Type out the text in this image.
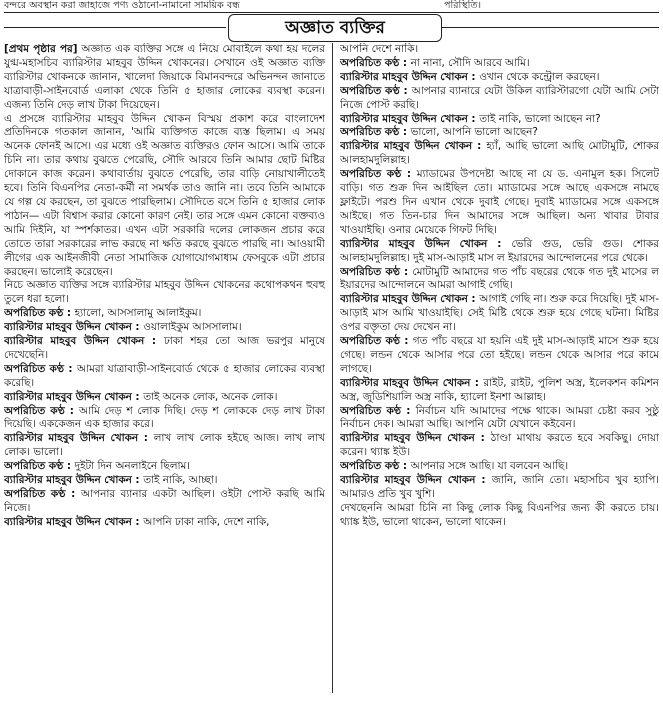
বন্দরে অবস্থান করা জাহাজে পণ্য ওঠানো-নামানো সাময়িক বন্ধ	পরিস্থিতি।
অজ্ঞাত ব্যক্তির

[প্রথম পৃষ্ঠার পর] অজ্ঞাত এক ব্যক্তির সঙ্গে এ নিয়ে মোবাইলে কথা হয় দলের যুগ্ম-মহাসচিব ব্যারিস্টার মাহবুব উদ্দিন খোকনের। সেখানে ওই অজ্ঞাত ব্যক্তি ব্যারিস্টার খোকনকে জানান, খালেদা জিয়াকে বিমানবন্দরে অভিনন্দন জানাতে যাত্রাবাড়ী-সাইনবোর্ড এলাকা থেকে তিনি ৫ হাজার লোকের ব্যবস্থা করেন। এজন্য তিনি দেড় লাখ টাকা দিয়েছেন।

এ প্রসঙ্গে ব্যারিস্টার মাহবুব উদ্দিন খোকন বিস্ময় প্রকাশ করে বাংলাদেশ প্রতিদিনকে গতকাল জানান, 'আমি ব্যক্তিগত কাজে ব্যস্ত ছিলাম। এ সময় অনেক ফোনই আসে। এর মধ্যে ওই অজ্ঞাত ব্যক্তিরও ফোন আসে। আমি তাকে চিনি না। তার কথায় বুঝতে পেরেছি, সৌদি আরবে তিনি আমার ছোট মিষ্টির দোকানে কাজ করেন। কথাবার্তায় বুঝতে পেরেছি, তার বাড়ি নোয়াখালীতেই হবে। তিনি বিএনপির নেতা-কর্মী না সমর্থক তাও জানি না। তবে তিনি আমাকে যে গল্প যে করছেন, তা বুঝতে পারছিলাম। সৌদিতে বসে তিনি ৫ হাজার লোক পাঠান— এটা বিশ্বাস করার কোনো কারণ নেই। তার সঙ্গে এমন কোনো বক্তব্যও আমি দিইনি, যা স্পর্শকাতর। এখন এটা সরকারি দলের লোকজন প্রচার করে তোতে তারা সরকারের লাভ করছে না ক্ষতি করছে বুঝতে পারছি না। আওয়ামী লীগের এক আইনজীবী নেতা সামাজিক যোগাযোগমাধ্যম ফেসবুকে এটা প্রচার করছেন। ভালোই করেছেন।

নিচে অজ্ঞাত ব্যক্তির সঙ্গে ব্যারিস্টার মাহবুব উদ্দিন খোকনের কথোপকথন হুবহু তুলে ধরা হলো।

অপরিচিত কণ্ঠ : হ্যালো, আসসালামু আলাইকুম।

ব্যারিস্টার মাহবুব উদ্দিন খোকন : ওয়ালাইকুম আসসালাম।

ব্যারিস্টার মাহবুব উদ্দিন খোকন : ঢাকা শহর তো আজ ভরপুর মানুষে দেখেছেনি।

অপরিচিত কণ্ঠ : আমরা যাত্রাবাড়ী-সাইনবোর্ড থেকে ৫ হাজার লোকের ব্যবস্থা করেছি।

ব্যারিস্টার মাহবুব উদ্দিন খোকন : তাই অনেক লোক, অনেক লোক।

অপরিচিত কণ্ঠ : আমি দেড় শ লোক দিছি। দেড় শ লোককে দেড় লাখ টাকা দিয়েছি। এককেজন এক হাজার করে।

ব্যারিস্টার মাহবুব উদ্দিন খোকন : লাখ লাখ লোক হইছে আজ। লাখ লাখ লোক। ভালো।

অপরিচিত কণ্ঠ : দুইটা দিন অনলাইনে ছিলাম।

ব্যারিস্টার মাহবুব উদ্দিন খোকন : তাই নাকি, আচ্ছা।

অপরিচিত কণ্ঠ : আপনার ব্যানার একটা আছিল। ওইটা পোস্ট করছি আমি নিজে।

ব্যারিস্টার মাহবুব উদ্দিন খোকন : আপনি ঢাকা নাকি, দেশে নাকি,

আপনি দেশে নাকি।

অপরিচিত কণ্ঠ : না নানা, সৌদি আরবে আমি।

ব্যারিস্টার মাহবুব উদ্দিন খোকন : ওখান থেকে কন্ট্রোল করছেন।

অপরিচিত কণ্ঠ : আপনার ব্যানারে যেটা উকিল ব্যারিস্টারগো যেটা আমি সেটা নিজে পোস্ট করছি।

ব্যারিস্টার মাহবুব উদ্দিন খোকন : তাই নাকি, ভালো আছেন না?

অপরিচিত কণ্ঠ : ভালো, আপনি ভালো আছেন?

ব্যারিস্টার মাহবুব উদ্দিন খোকন : হ্যাঁ, আছি ভালো আছি মোটামুটি, শোকর আলহামদুলিল্লাহ।

অপরিচিত কণ্ঠ : ম্যাডামের উপদেষ্টা আছে না যে ড. এনামুল হক। সিলেট বাড়ি। গত শুক্র দিন আইছিল তো। ম্যাডামের সঙ্গে আছে একসঙ্গে নামছে ফ্লাইটে। পরশু দিন এখান থেকে দুবাই গেছে। দুবাই ম্যাডামের সঙ্গে একসঙ্গে আইছে। গত তিন-চার দিন আমাদের সঙ্গে আছিল। অন্য খাবার টাবার খাওয়াইছি। ওনার মেয়েকে গিফট দিছি।

ব্যারিস্টার মাহবুব উদ্দিন খোকন : ভেরি গুড, ভেরি গুড। শোকর আলহামদুলিল্লাহ। দুই মাস-আড়াই মাস ল ইয়ারদের আন্দোলনের পরে থেকে।

অপরিচিত কণ্ঠ : মোটামুটি আমাদের গত পাঁচ বছরের থেকে গত দুই মাসের ল ইয়ারদের আন্দোলনে আমরা আগাই গেছি।

ব্যারিস্টার মাহবুব উদ্দিন খোকন : আগাই গেছি না। শুরু করে দিয়েছি। দুই মাস-আড়াই মাস আমি খাওয়াইছি। সেই মিষ্টি থেকে শুরু হয়ে গেছে ঘটনা। মিষ্টির ওপর বক্তৃতা দেয় দেখেন না।

অপরিচিত কণ্ঠ : গত পাঁচ বছরে যা হয়নি এই দুই মাস-আড়াই মাসে শুরু হয়ে গেছে। লন্ডন থেকে আসার পরে তো হইছে। লন্ডন থেকে আসার পরে কামে লাগছে।

ব্যারিস্টার মাহবুব উদ্দিন খোকন : রাইট, রাইট, পুলিশ অস্ত্র, ইলেকশন কমিশন অস্ত্র, জুডিশিয়ালি অস্ত্র নাকি, হ্যালো ইনশা আল্লাহ।

অপরিচিত কণ্ঠ : নির্বাচন যদি আমাদের পক্ষে থাকে। আমরা চেষ্টা করব সুষ্ঠু নির্বাচন দেক। আমরা আছি। আপনি যেটা যেখানে কইবেন।

ব্যারিস্টার মাহবুব উদ্দিন খোকন : ঠাণ্ডা মাথায় করতে হবে সবকিছু। দোয়া করেন। থ্যাঙ্ক ইউ।

অপরিচিত কণ্ঠ : আপনার সঙ্গে আছি। যা বলবেন আছি।

ব্যারিস্টার মাহবুব উদ্দিন খোকন : জানি, জানি তো। মহাসচিব খুব হ্যাপি। আমারও প্রতি খুব খুশি।

দেখছেননি আমরা চিনি না কিছু লোক কিছু বিএনপির জন্য কী করতে চায়। থ্যাঙ্ক ইউ, ভালো থাকেন, ভালো থাকেন।
